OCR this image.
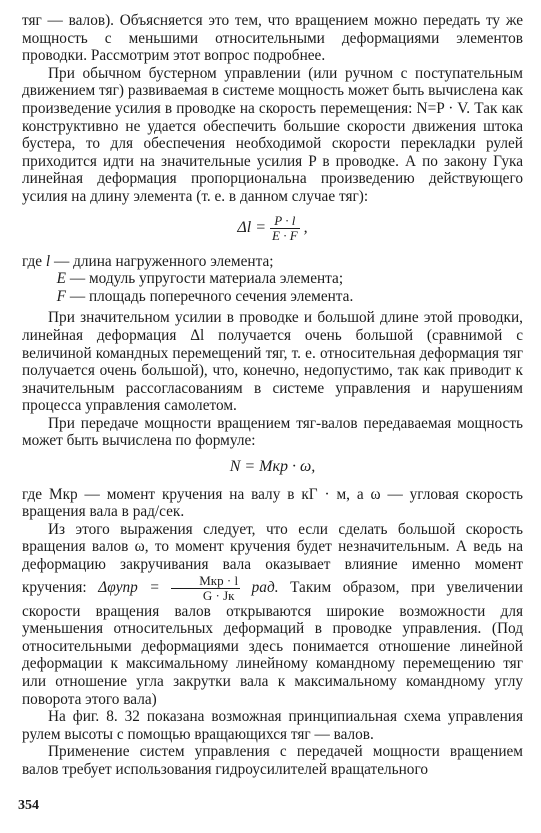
тяг — валов). Объясняется это тем, что вращением можно передать ту же мощность с меньшими относительными деформациями элементов проводки. Рассмотрим этот вопрос подробнее.

При обычном бустерном управлении (или ручном с поступательным движением тяг) развиваемая в системе мощность может быть вычислена как произведение усилия в проводке на скорость перемещения: N=P · V. Так как конструктивно не удается обеспечить большие скорости движения штока бустера, то для обеспечения необходимой скорости перекладки рулей приходится идти на значительные усилия P в проводке. А по закону Гука линейная деформация пропорциональна произведению действующего усилия на длину элемента (т. е. в данном случае тяг):

$\Delta l = \frac{P \cdot l}{E \cdot F}$ ,
где l — длина нагруженного элемента;
E — модуль упругости материала элемента;
F — площадь поперечного сечения элемента.

При значительном усилии в проводке и большой длине этой проводки, линейная деформация Δl получается очень большой (сравнимой с величиной командных перемещений тяг, т. е. относительная деформация тяг получается очень большой), что, конечно, недопустимо, так как приводит к значительным рассогласованиям в системе управления и нарушениям процесса управления самолетом.

При передаче мощности вращением тяг-валов передаваемая мощность может быть вычислена по формуле:

N = Mкр · ω,

где Mкр — момент кручения на валу в кГ · м, а ω — угловая скорость вращения вала в рад/сек.

Из этого выражения следует, что если сделать большой скорость вращения валов ω, то момент кручения будет незначительным. А ведь на деформацию закручивания вала оказывает влияние именно момент кручения: $\Delta\varphi упр = \frac{\text{Mкр · l}}{G \cdot Jк}$ рад. Таким образом, при увеличении скорости вращения валов открываются широкие возможности для уменьшения относительных деформаций в проводке управления. (Под относительными деформациями здесь понимается отношение линейной деформации к максимальному линейному командному перемещению тяг или отношение угла закрутки вала к максимальному командному углу поворота этого вала)

На фиг. 8. 32 показана возможная принципиальная схема управления рулем высоты с помощью вращающихся тяг — валов.

Применение систем управления с передачей мощности вращением валов требует использования гидроусилителей вращательного

354
